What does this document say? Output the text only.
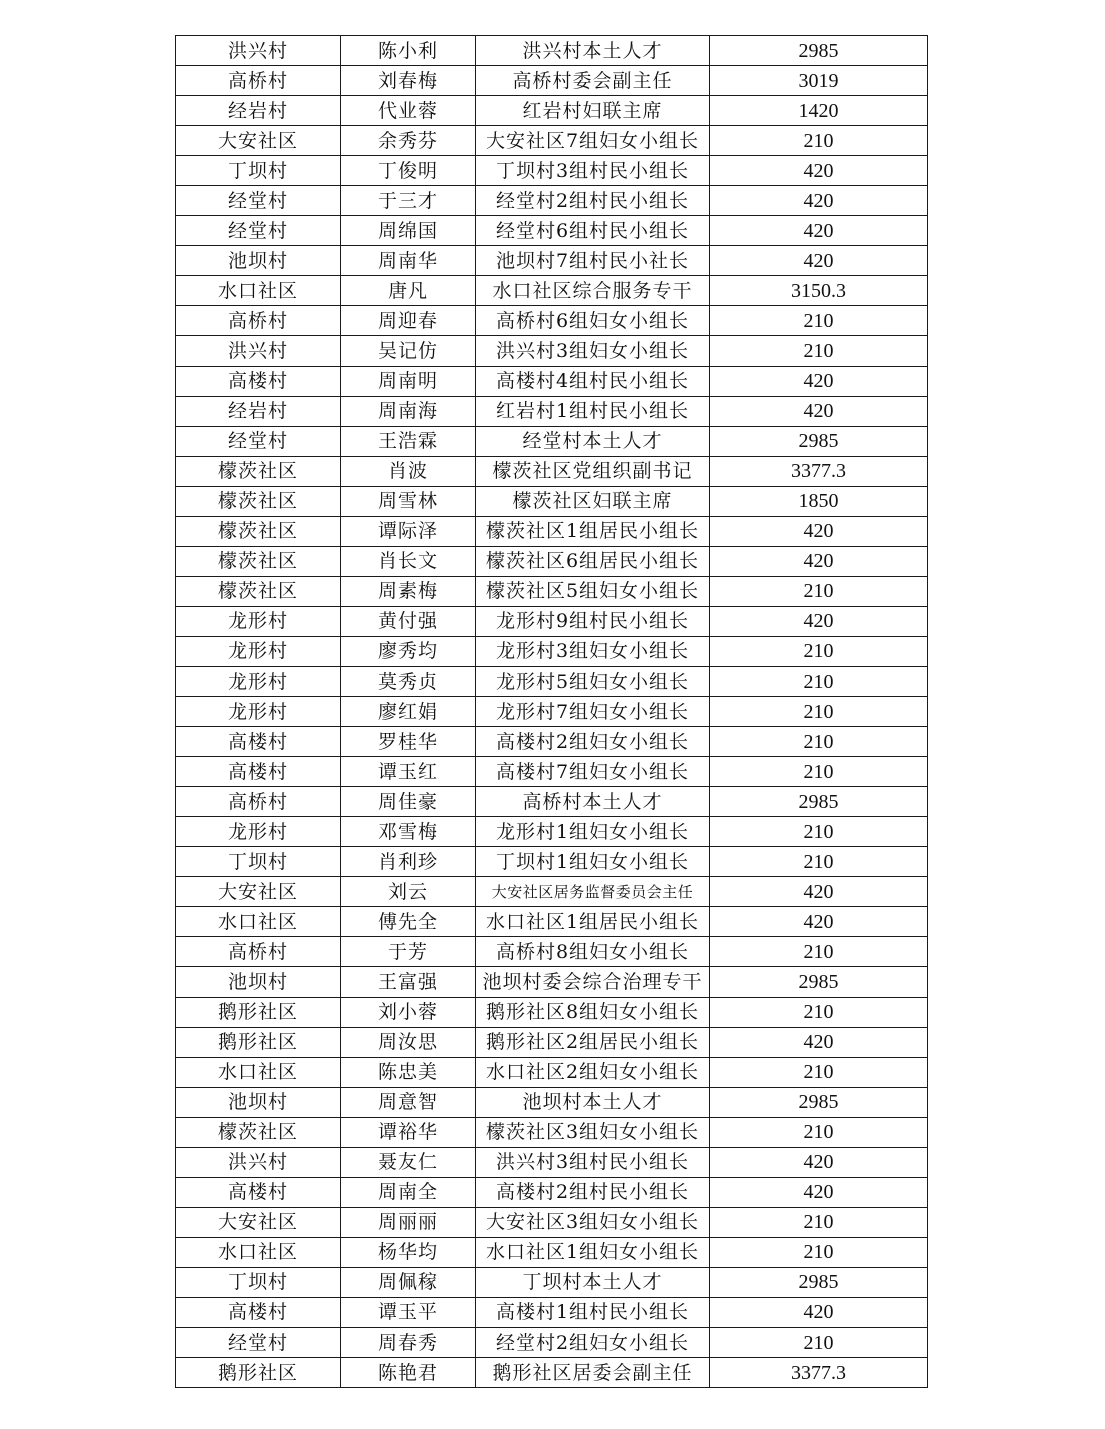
洪兴村	陈小利	洪兴村本土人才	2985
高桥村	刘春梅	高桥村委会副主任	3019
经岩村	代业蓉	红岩村妇联主席	1420
大安社区	余秀芬	大安社区7组妇女小组长	210
丁坝村	丁俊明	丁坝村3组村民小组长	420
经堂村	于三才	经堂村2组村民小组长	420
经堂村	周绵国	经堂村6组村民小组长	420
池坝村	周南华	池坝村7组村民小社长	420
水口社区	唐凡	水口社区综合服务专干	3150.3
高桥村	周迎春	高桥村6组妇女小组长	210
洪兴村	吴记仿	洪兴村3组妇女小组长	210
高楼村	周南明	高楼村4组村民小组长	420
经岩村	周南海	红岩村1组村民小组长	420
经堂村	王浩霖	经堂村本土人才	2985
檬茨社区	肖波	檬茨社区党组织副书记	3377.3
檬茨社区	周雪林	檬茨社区妇联主席	1850
檬茨社区	谭际泽	檬茨社区1组居民小组长	420
檬茨社区	肖长文	檬茨社区6组居民小组长	420
檬茨社区	周素梅	檬茨社区5组妇女小组长	210
龙形村	黄付强	龙形村9组村民小组长	420
龙形村	廖秀均	龙形村3组妇女小组长	210
龙形村	莫秀贞	龙形村5组妇女小组长	210
龙形村	廖红娟	龙形村7组妇女小组长	210
高楼村	罗桂华	高楼村2组妇女小组长	210
高楼村	谭玉红	高楼村7组妇女小组长	210
高桥村	周佳豪	高桥村本土人才	2985
龙形村	邓雪梅	龙形村1组妇女小组长	210
丁坝村	肖利珍	丁坝村1组妇女小组长	210
大安社区	刘云	大安社区居务监督委员会主任	420
水口社区	傅先全	水口社区1组居民小组长	420
高桥村	于芳	高桥村8组妇女小组长	210
池坝村	王富强	池坝村委会综合治理专干	2985
鹅形社区	刘小蓉	鹅形社区8组妇女小组长	210
鹅形社区	周汝思	鹅形社区2组居民小组长	420
水口社区	陈忠美	水口社区2组妇女小组长	210
池坝村	周意智	池坝村本土人才	2985
檬茨社区	谭裕华	檬茨社区3组妇女小组长	210
洪兴村	聂友仁	洪兴村3组村民小组长	420
高楼村	周南全	高楼村2组村民小组长	420
大安社区	周丽丽	大安社区3组妇女小组长	210
水口社区	杨华均	水口社区1组妇女小组长	210
丁坝村	周佩稼	丁坝村本土人才	2985
高楼村	谭玉平	高楼村1组村民小组长	420
经堂村	周春秀	经堂村2组妇女小组长	210
鹅形社区	陈艳君	鹅形社区居委会副主任	3377.3
